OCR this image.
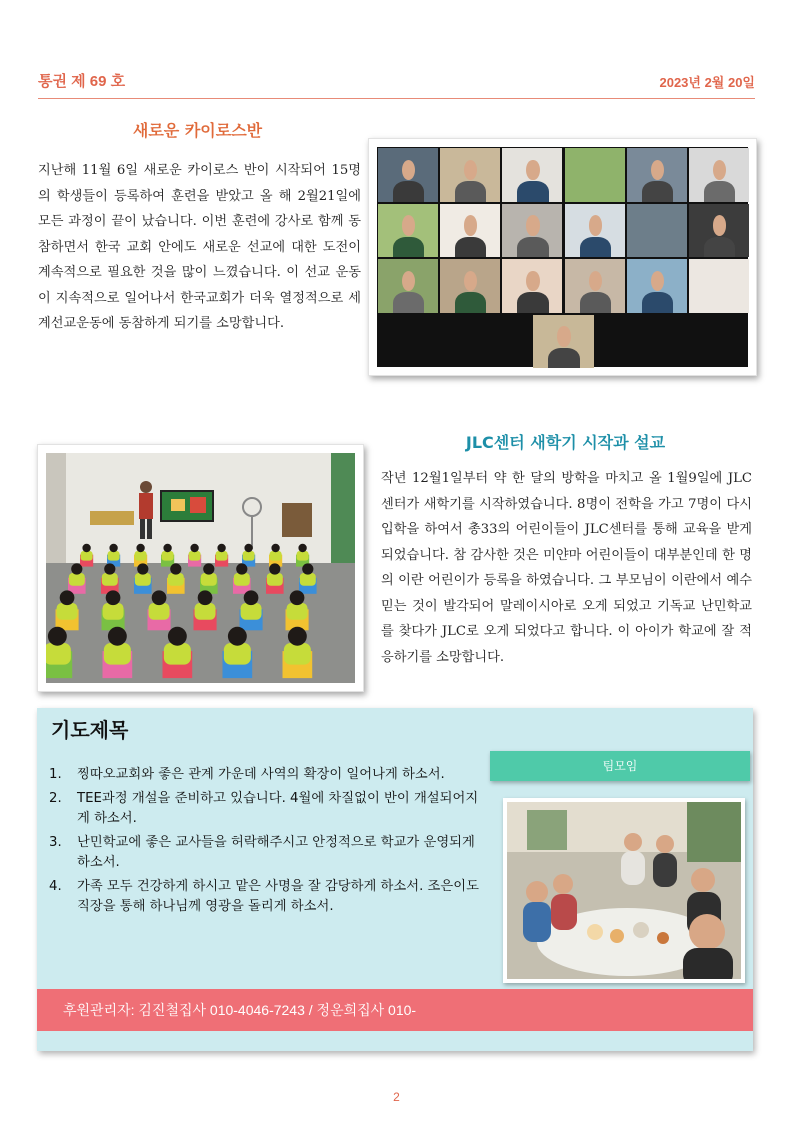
통권 제 69 호	2023년 2월 20일
새로운 카이로스반

지난해 11월 6일 새로운 카이로스 반이 시작되어 15명의 학생들이 등록하여 훈련을 받았고 올 해 2월21일에 모든 과정이 끝이 났습니다. 이번 훈련에 강사로 함께 동참하면서 한국 교회 안에도 새로운 선교에 대한 도전이 계속적으로 필요한 것을 많이 느꼈습니다. 이 선교 운동이 지속적으로 일어나서 한국교회가 더욱 열정적으로 세계선교운동에 동참하게 되기를 소망합니다.

JLC센터 새학기 시작과 설교

작년 12월1일부터 약 한 달의 방학을 마치고 올 1월9일에 JLC센터가 새학기를 시작하였습니다. 8명이 전학을 가고 7명이 다시 입학을 하여서 총33의 어린이들이 JLC센터를 통해 교육을 받게 되었습니다. 참 감사한 것은 미얀마 어린이들이 대부분인데 한 명의 이란 어린이가 등록을 하였습니다. 그 부모님이 이란에서 예수 믿는 것이 발각되어 말레이시아로 오게 되었고 기독교 난민학교를 찾다가 JLC로 오게 되었다고 합니다. 이 아이가 학교에 잘 적응하기를 소망합니다.

기도제목
1. 찡따오교회와 좋은 관계 가운데 사역의 확장이 일어나게 하소서.
2. TEE과정 개설을 준비하고 있습니다. 4월에 차질없이 반이 개설되어지게 하소서.
3. 난민학교에 좋은 교사들을 허락해주시고 안정적으로 학교가 운영되게 하소서.
4. 가족 모두 건강하게 하시고 맡은 사명을 잘 감당하게 하소서. 조은이도 직장을 통해 하나님께 영광을 돌리게 하소서.
팀모임
후원관리자: 김진철집사 010-4046-7243 / 정운희집사 010-
2
